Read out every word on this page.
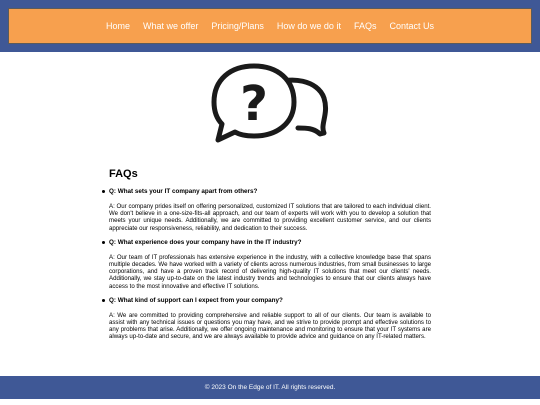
Home What we offer Pricing/Plans How do we do it FAQs Contact Us
?
FAQs

Q: What sets your IT company apart from others?

A: Our company prides itself on offering personalized, customized IT solutions that are tailored to each individual client. We don't believe in a one-size-fits-all approach, and our team of experts will work with you to develop a solution that meets your unique needs. Additionally, we are committed to providing excellent customer service, and our clients appreciate our responsiveness, reliability, and dedication to their success.

Q: What experience does your company have in the IT industry?

A: Our team of IT professionals has extensive experience in the industry, with a collective knowledge base that spans multiple decades. We have worked with a variety of clients across numerous industries, from small businesses to large corporations, and have a proven track record of delivering high-quality IT solutions that meet our clients' needs. Additionally, we stay up-to-date on the latest industry trends and technologies to ensure that our clients always have access to the most innovative and effective IT solutions.

Q: What kind of support can I expect from your company?

A: We are committed to providing comprehensive and reliable support to all of our clients. Our team is available to assist with any technical issues or questions you may have, and we strive to provide prompt and effective solutions to any problems that arise. Additionally, we offer ongoing maintenance and monitoring to ensure that your IT systems are always up-to-date and secure, and we are always available to provide advice and guidance on any IT-related matters.

© 2023 On the Edge of IT. All rights reserved.
